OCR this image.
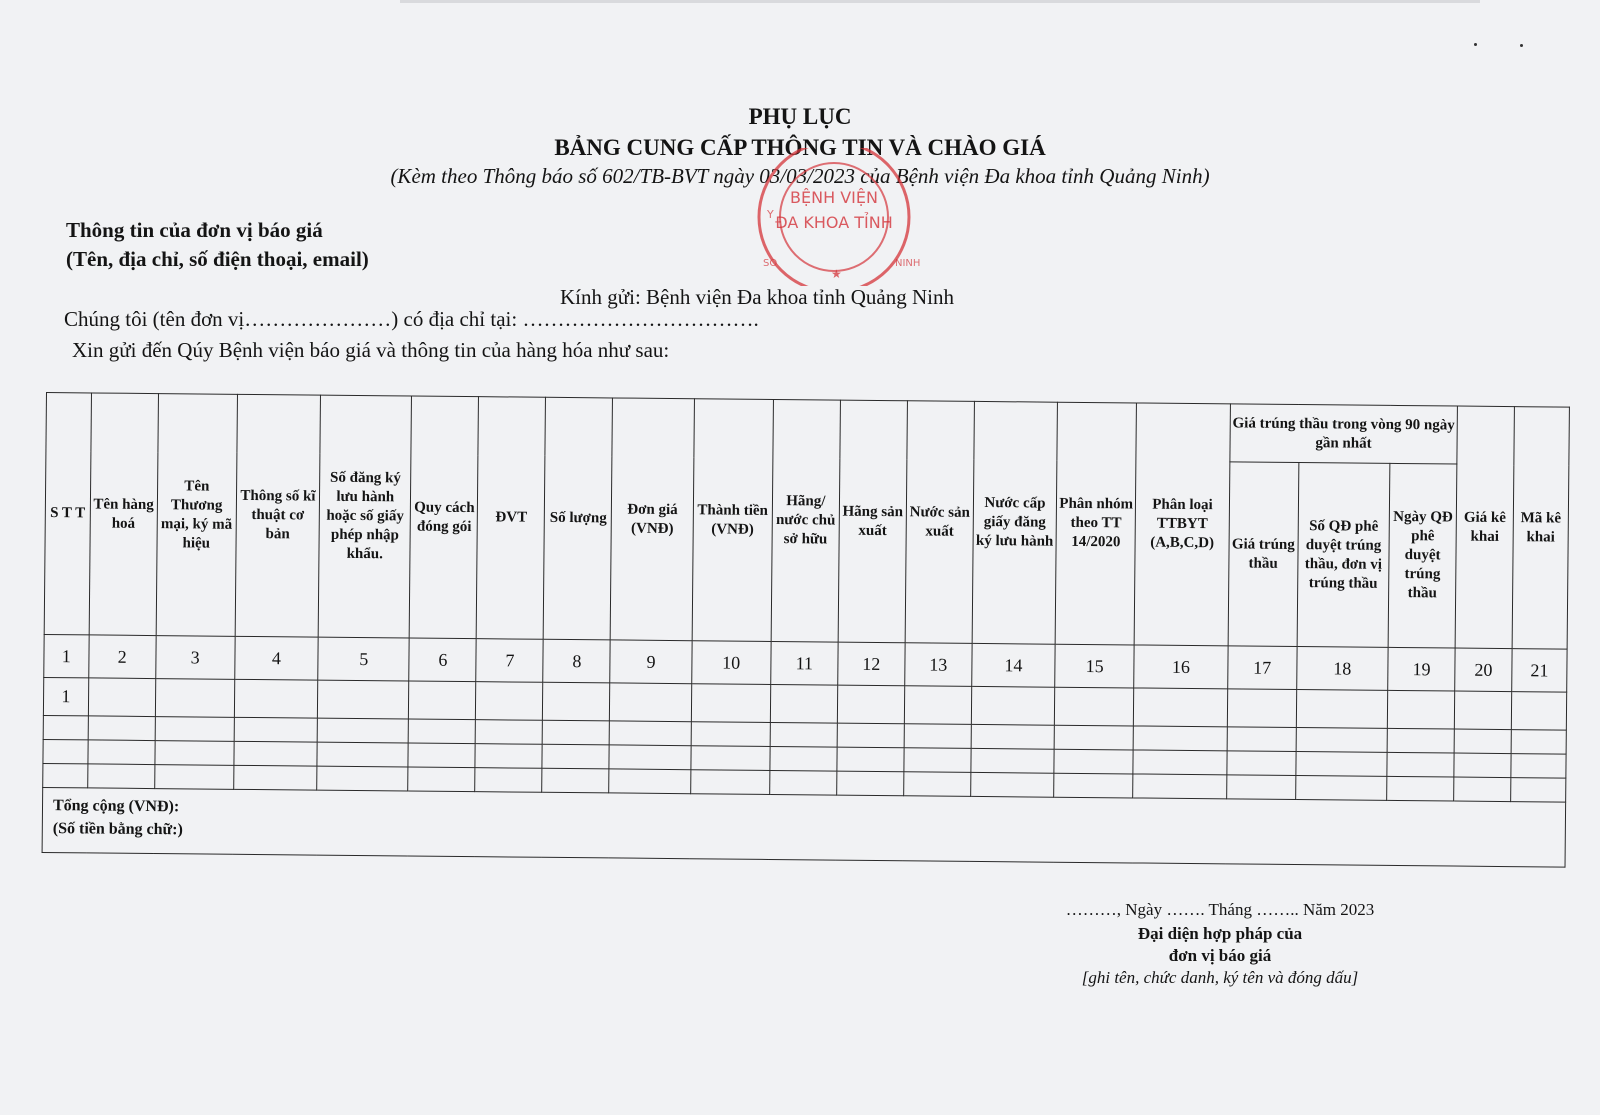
PHỤ LỤC
BẢNG CUNG CẤP THÔNG TIN VÀ CHÀO GIÁ
(Kèm theo Thông báo số 602/TB-BVT ngày 03/03/2023 của Bệnh viện Đa khoa tỉnh Quảng Ninh)
Y
NINH
SO
★
BỆNH VIỆN
ĐA KHOA TỈNH
Thông tin của đơn vị báo giá
(Tên, địa chỉ, số điện thoại, email)
Kính gửi: Bệnh viện Đa khoa tỉnh Quảng Ninh
Chúng tôi (tên đơn vị…………………) có địa chỉ tại: …………………………….
Xin gửi đến Qúy Bệnh viện báo giá và thông tin của hàng hóa như sau:
S T T	Tên hàng hoá	Tên Thương mại, ký mã hiệu	Thông số kĩ thuật cơ bản	Số đăng ký lưu hành hoặc số giấy phép nhập khẩu.	Quy cách đóng gói	ĐVT	Số lượng	Đơn giá (VNĐ)	Thành tiền (VNĐ)	Hãng/ nước chủ sở hữu	Hãng sản xuất	Nước sản xuất	Nước cấp giấy đăng ký lưu hành	Phân nhóm theo TT 14/2020	Phân loại TTBYT (A,B,C,D)	Giá trúng thầu trong vòng 90 ngày gần nhất			Giá kê khai	Mã kê khai
																Giá trúng thầu	Số QĐ phê duyệt trúng thầu, đơn vị trúng thầu	Ngày QĐ phê duyệt trúng thầu		
1	2	3	4	5	6	7	8	9	10	11	12	13	14	15	16	17	18	19	20	21
1																				

Tổng cộng (VNĐ):
(Số tiền bằng chữ:)																				
………, Ngày ……. Tháng …….. Năm 2023
Đại diện hợp pháp của
đơn vị báo giá
[ghi tên, chức danh, ký tên và đóng dấu]
